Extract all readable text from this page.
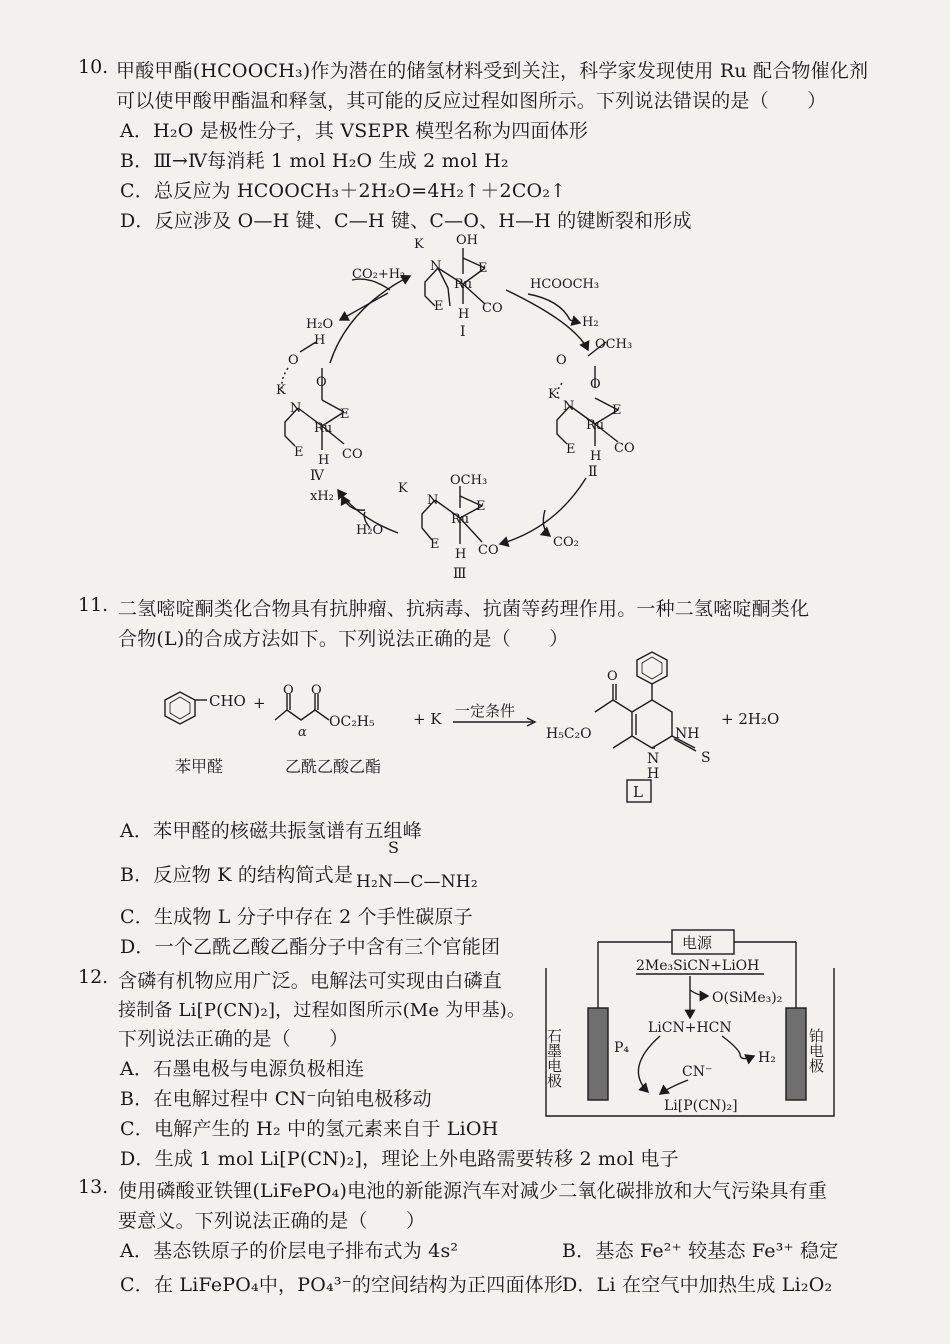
10. 甲酸甲酯(HCOOCH₃)作为潜在的储氢材料受到关注，科学家发现使用 Ru 配合物催化剂
可以使甲酸甲酯温和释氢，其可能的反应过程如图所示。下列说法错误的是（　　）
A．H₂O 是极性分子，其 VSEPR 模型名称为四面体形
B．Ⅲ→Ⅳ每消耗 1 mol H₂O 生成 2 mol H₂
C．总反应为 HCOOCH₃＋2H₂O=4H₂↑＋2CO₂↑
D．反应涉及 O—H 键、C—H 键、C—O、H—H 的键断裂和形成
K OH
N	E
Ru
E
H CO
Ⅰ
O
OCH₃
O
K
N	E
Ru
E H
CO
Ⅱ
K
OCH₃
N	E
Ru
E
H CO
Ⅲ
O
H
O
K
N	E
Ru
E
H CO
Ⅳ
CO₂+H₂
H₂O
HCOOCH₃
H₂
CO₂
xH₂
H₂O
11. 二氢嘧啶酮类化合物具有抗肿瘤、抗病毒、抗菌等药理作用。一种二氢嘧啶酮类化
合物(L)的合成方法如下。下列说法正确的是（　　）
CHO +
O O
α
OC₂H₅	+ K 一定条件
H₅C₂O
O
NH
N
H
S
+ 2H₂O
苯甲醛	乙酰乙酸乙酯
L
A．苯甲醛的核磁共振氢谱有五组峰
B．反应物 K 的结构简式是
S
H₂N—C—NH₂
C．生成物 L 分子中存在 2 个手性碳原子
D．一个乙酰乙酸乙酯分子中含有三个官能团
12. 含磷有机物应用广泛。电解法可实现由白磷直
接制备 Li[P(CN)₂]，过程如图所示(Me 为甲基)。
下列说法正确的是（　　）
A．石墨电极与电源负极相连
B．在电解过程中 CN⁻向铂电极移动
C．电解产生的 H₂ 中的氢元素来自于 LiOH
D．生成 1 mol Li[P(CN)₂]，理论上外电路需要转移 2 mol 电子
电源
2Me₃SiCN+LiOH
O(SiMe₃)₂
LiCN+HCN
P₄
CN⁻
H₂
Li[P(CN)₂]
石墨电极	铂电极
13. 使用磷酸亚铁锂(LiFePO₄)电池的新能源汽车对减少二氧化碳排放和大气污染具有重
要意义。下列说法正确的是（　　）
A．基态铁原子的价层电子排布式为 4s²	B．基态 Fe²⁺ 较基态 Fe³⁺ 稳定
C．在 LiFePO₄中，PO₄³⁻的空间结构为正四面体形
D．Li 在空气中加热生成 Li₂O₂
